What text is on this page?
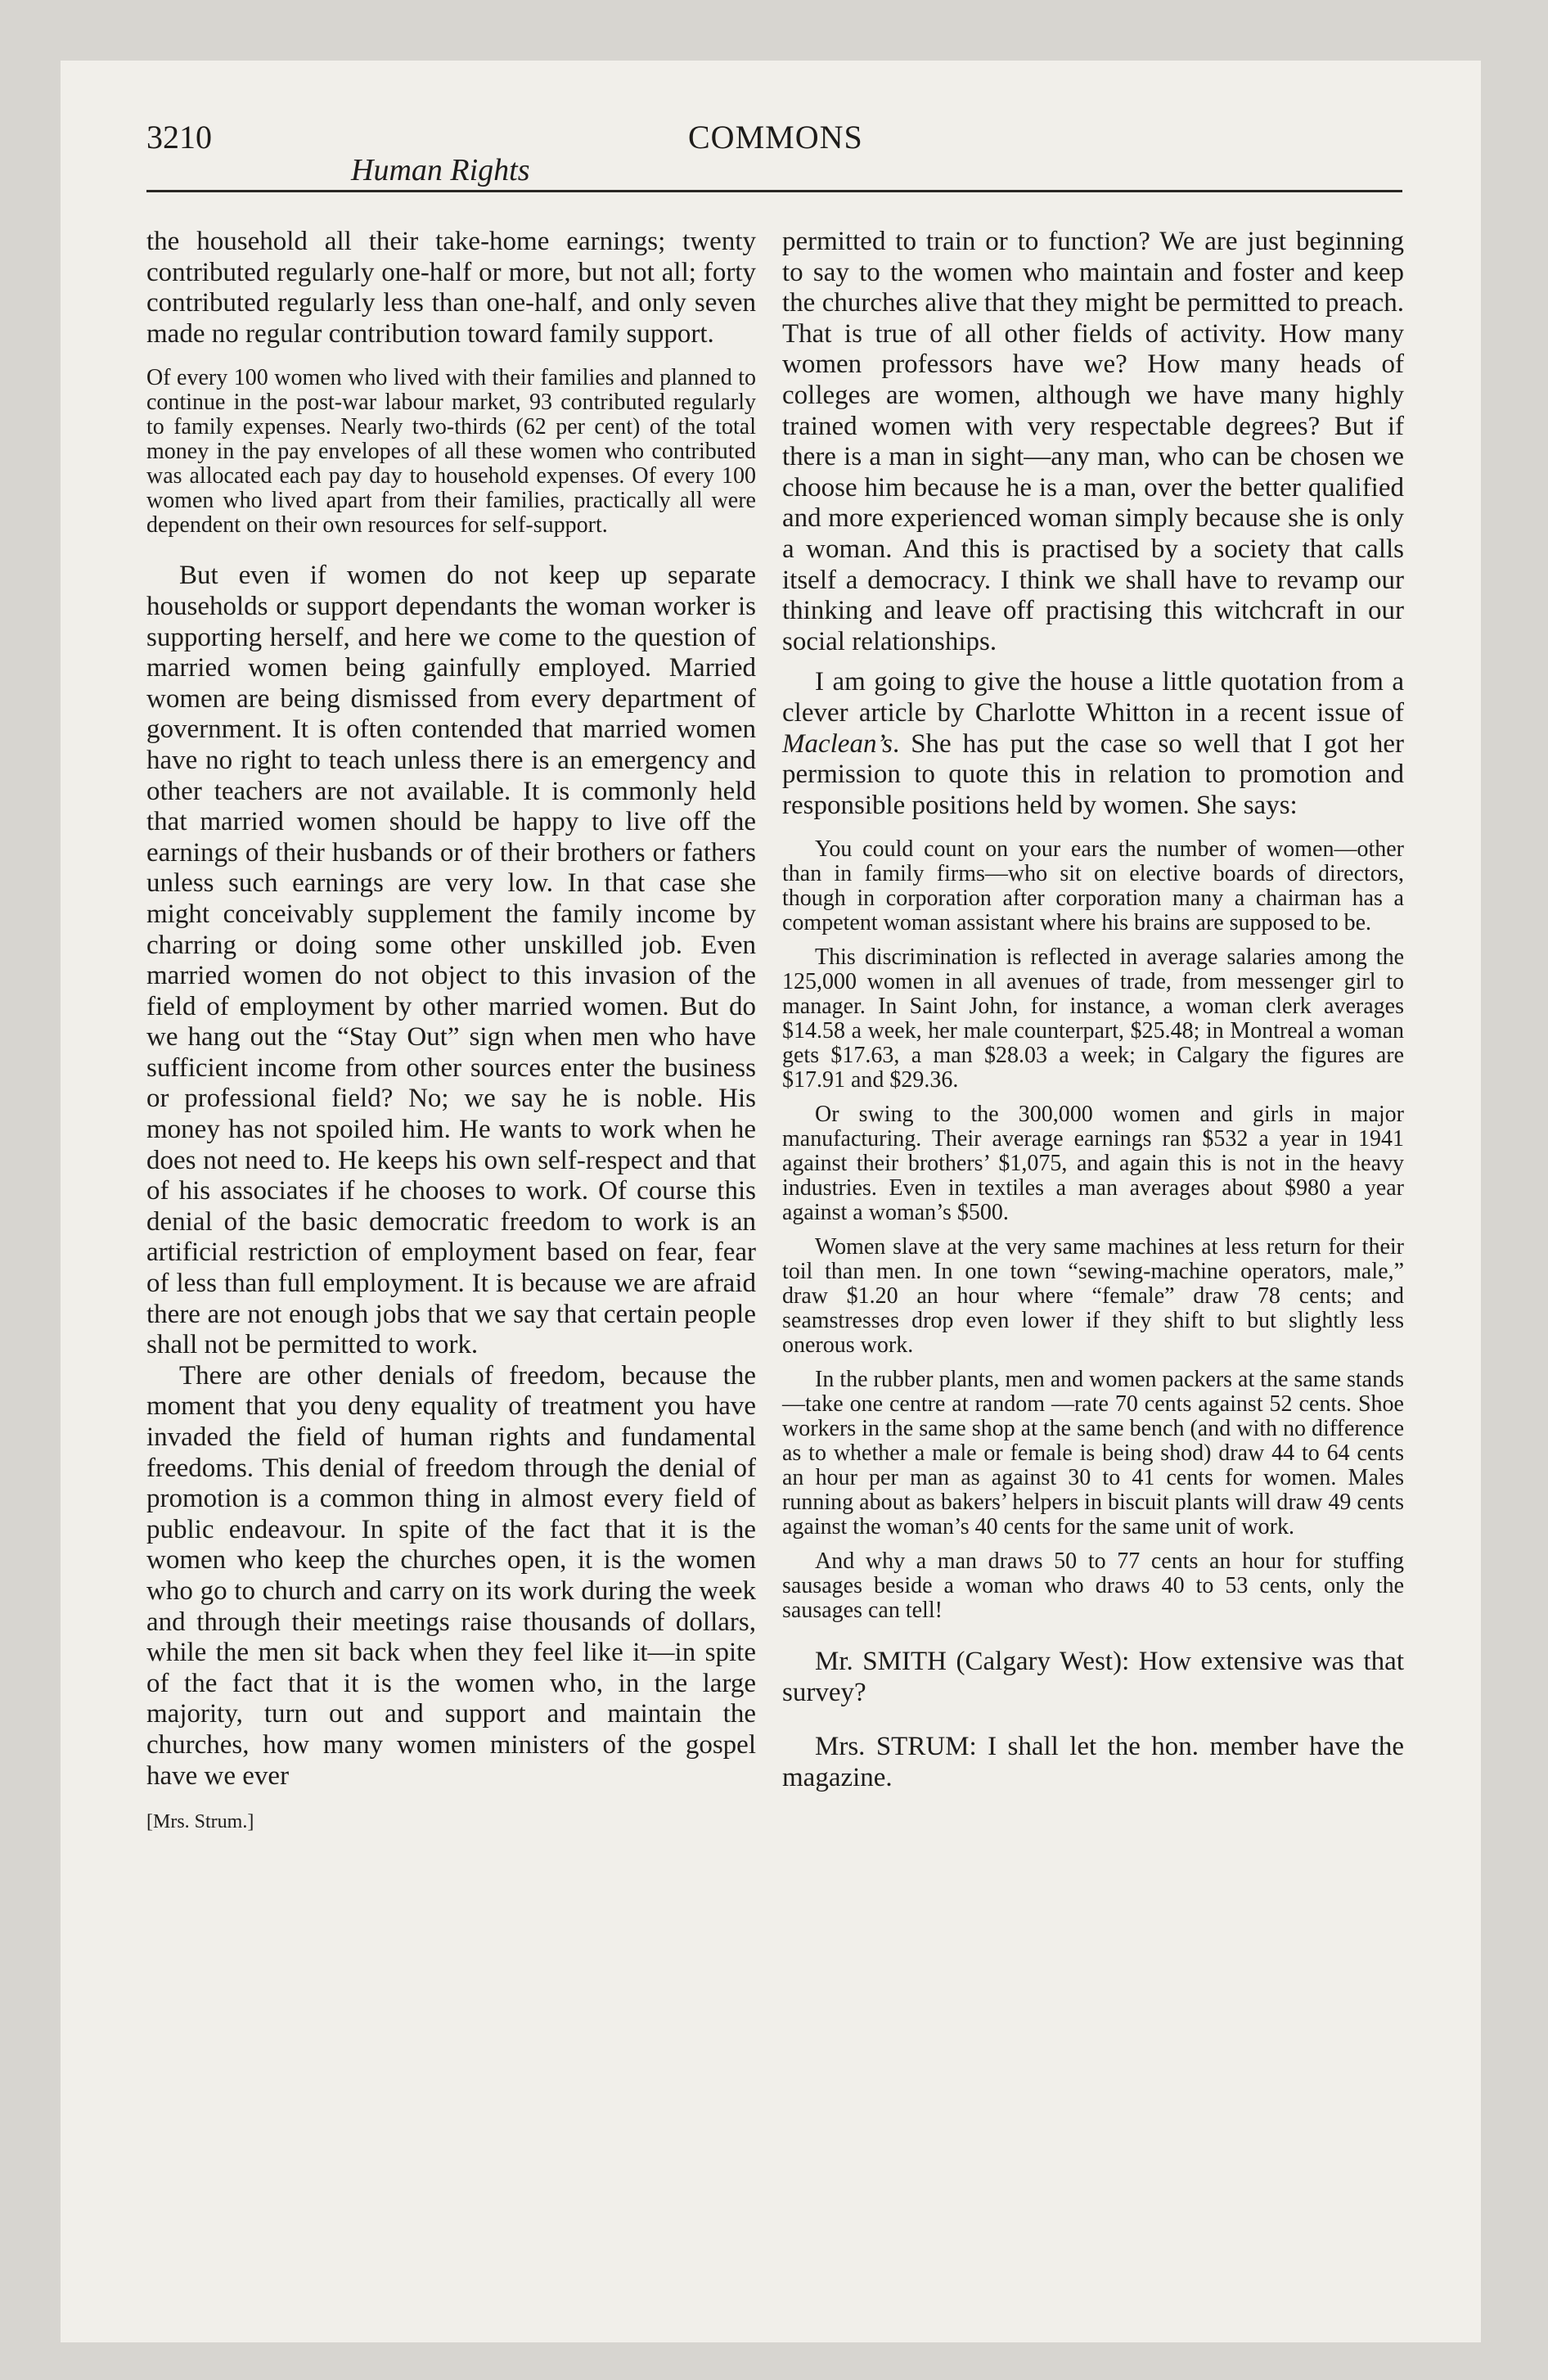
3210	COMMONS
Human Rights

the household all their take-home earnings; twenty contributed regularly one-half or more, but not all; forty contributed regularly less than one-half, and only seven made no regular contribution toward family support.

Of every 100 women who lived with their families and planned to continue in the post-war labour market, 93 contributed regularly to family expenses. Nearly two-thirds (62 per cent) of the total money in the pay envelopes of all these women who contributed was allocated each pay day to household expenses. Of every 100 women who lived apart from their families, practically all were dependent on their own resources for self-support.

But even if women do not keep up separate households or support dependants the woman worker is supporting herself, and here we come to the question of married women being gainfully employed. Married women are being dismissed from every department of government. It is often contended that married women have no right to teach unless there is an emergency and other teachers are not available. It is commonly held that married women should be happy to live off the earnings of their husbands or of their brothers or fathers unless such earnings are very low. In that case she might conceivably supplement the family income by charring or doing some other unskilled job. Even married women do not object to this invasion of the field of employment by other married women. But do we hang out the “Stay Out” sign when men who have sufficient income from other sources enter the business or professional field? No; we say he is noble. His money has not spoiled him. He wants to work when he does not need to. He keeps his own self-respect and that of his associates if he chooses to work. Of course this denial of the basic democratic freedom to work is an artificial restriction of employment based on fear, fear of less than full employment. It is because we are afraid there are not enough jobs that we say that certain people shall not be permitted to work.

There are other denials of freedom, because the moment that you deny equality of treatment you have invaded the field of human rights and fundamental freedoms. This denial of freedom through the denial of promotion is a common thing in almost every field of public endeavour. In spite of the fact that it is the women who keep the churches open, it is the women who go to church and carry on its work during the week and through their meetings raise thousands of dollars, while the men sit back when they feel like it—in spite of the fact that it is the women who, in the large majority, turn out and support and maintain the churches, how many women ministers of the gospel have we ever

[Mrs. Strum.]

permitted to train or to function? We are just beginning to say to the women who maintain and foster and keep the churches alive that they might be permitted to preach. That is true of all other fields of activity. How many women professors have we? How many heads of colleges are women, although we have many highly trained women with very respectable degrees? But if there is a man in sight—any man, who can be chosen we choose him because he is a man, over the better qualified and more experienced woman simply because she is only a woman. And this is practised by a society that calls itself a democracy. I think we shall have to revamp our thinking and leave off practising this witchcraft in our social relationships.

I am going to give the house a little quotation from a clever article by Charlotte Whitton in a recent issue of Maclean’s. She has put the case so well that I got her permission to quote this in relation to promotion and responsible positions held by women. She says:

You could count on your ears the number of women—other than in family firms—who sit on elective boards of directors, though in corporation after corporation many a chairman has a competent woman assistant where his brains are supposed to be.

This discrimination is reflected in average salaries among the 125,000 women in all avenues of trade, from messenger girl to manager. In Saint John, for instance, a woman clerk averages $14.58 a week, her male counterpart, $25.48; in Montreal a woman gets $17.63, a man $28.03 a week; in Calgary the figures are $17.91 and $29.36.

Or swing to the 300,000 women and girls in major manufacturing. Their average earnings ran $532 a year in 1941 against their brothers’ $1,075, and again this is not in the heavy industries. Even in textiles a man averages about $980 a year against a woman’s $500.

Women slave at the very same machines at less return for their toil than men. In one town “sewing-machine operators, male,” draw $1.20 an hour where “female” draw 78 cents; and seamstresses drop even lower if they shift to but slightly less onerous work.

In the rubber plants, men and women packers at the same stands—take one centre at random —rate 70 cents against 52 cents. Shoe workers in the same shop at the same bench (and with no difference as to whether a male or female is being shod) draw 44 to 64 cents an hour per man as against 30 to 41 cents for women. Males running about as bakers’ helpers in biscuit plants will draw 49 cents against the woman’s 40 cents for the same unit of work.

And why a man draws 50 to 77 cents an hour for stuffing sausages beside a woman who draws 40 to 53 cents, only the sausages can tell!

Mr. SMITH (Calgary West): How extensive was that survey?

Mrs. STRUM: I shall let the hon. member have the magazine.
